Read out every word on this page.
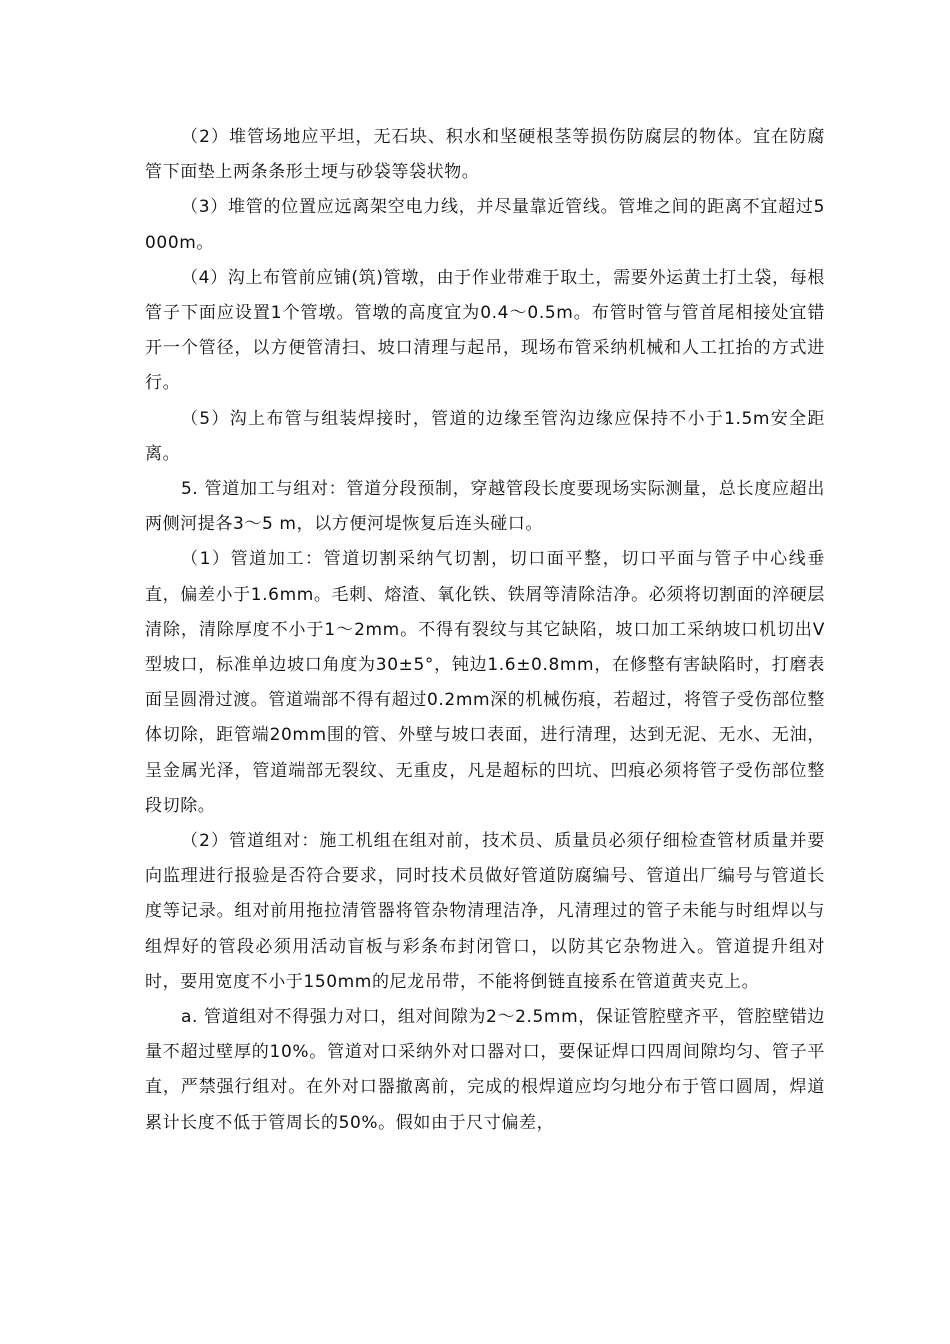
（2）堆管场地应平坦，无石块、积水和坚硬根茎等损伤防腐层的物体。宜在防腐管下面垫上两条条形土埂与砂袋等袋状物。

（3）堆管的位置应远离架空电力线，并尽量靠近管线。管堆之间的距离不宜超过5000m。

（4）沟上布管前应铺(筑)管墩，由于作业带难于取土，需要外运黄土打土袋，每根管子下面应设置1个管墩。管墩的高度宜为0.4～0.5m。布管时管与管首尾相接处宜错开一个管径，以方便管清扫、坡口清理与起吊，现场布管采纳机械和人工扛抬的方式进行。

（5）沟上布管与组装焊接时，管道的边缘至管沟边缘应保持不小于1.5m安全距离。

5. 管道加工与组对：管道分段预制，穿越管段长度要现场实际测量，总长度应超出两侧河提各3～5 m，以方便河堤恢复后连头碰口。

（1）管道加工：管道切割采纳气切割，切口面平整，切口平面与管子中心线垂直，偏差小于1.6mm。毛刺、熔渣、氧化铁、铁屑等清除洁净。必须将切割面的淬硬层清除，清除厚度不小于1～2mm。不得有裂纹与其它缺陷，坡口加工采纳坡口机切出V型坡口，标准单边坡口角度为30±5°，钝边1.6±0.8mm，在修整有害缺陷时，打磨表面呈圆滑过渡。管道端部不得有超过0.2mm深的机械伤痕，若超过，将管子受伤部位整体切除，距管端20mm围的管、外壁与坡口表面，进行清理，达到无泥、无水、无油，呈金属光泽，管道端部无裂纹、无重皮，凡是超标的凹坑、凹痕必须将管子受伤部位整段切除。

（2）管道组对：施工机组在组对前，技术员、质量员必须仔细检查管材质量并要向监理进行报验是否符合要求，同时技术员做好管道防腐编号、管道出厂编号与管道长度等记录。组对前用拖拉清管器将管杂物清理洁净，凡清理过的管子未能与时组焊以与组焊好的管段必须用活动盲板与彩条布封闭管口，以防其它杂物进入。管道提升组对时，要用宽度不小于150mm的尼龙吊带，不能将倒链直接系在管道黄夹克上。

a. 管道组对不得强力对口，组对间隙为2～2.5mm，保证管腔壁齐平，管腔壁错边量不超过壁厚的10%。管道对口采纳外对口器对口，要保证焊口四周间隙均匀、管子平直，严禁强行组对。在外对口器撤离前，完成的根焊道应均匀地分布于管口圆周，焊道累计长度不低于管周长的50%。假如由于尺寸偏差，
